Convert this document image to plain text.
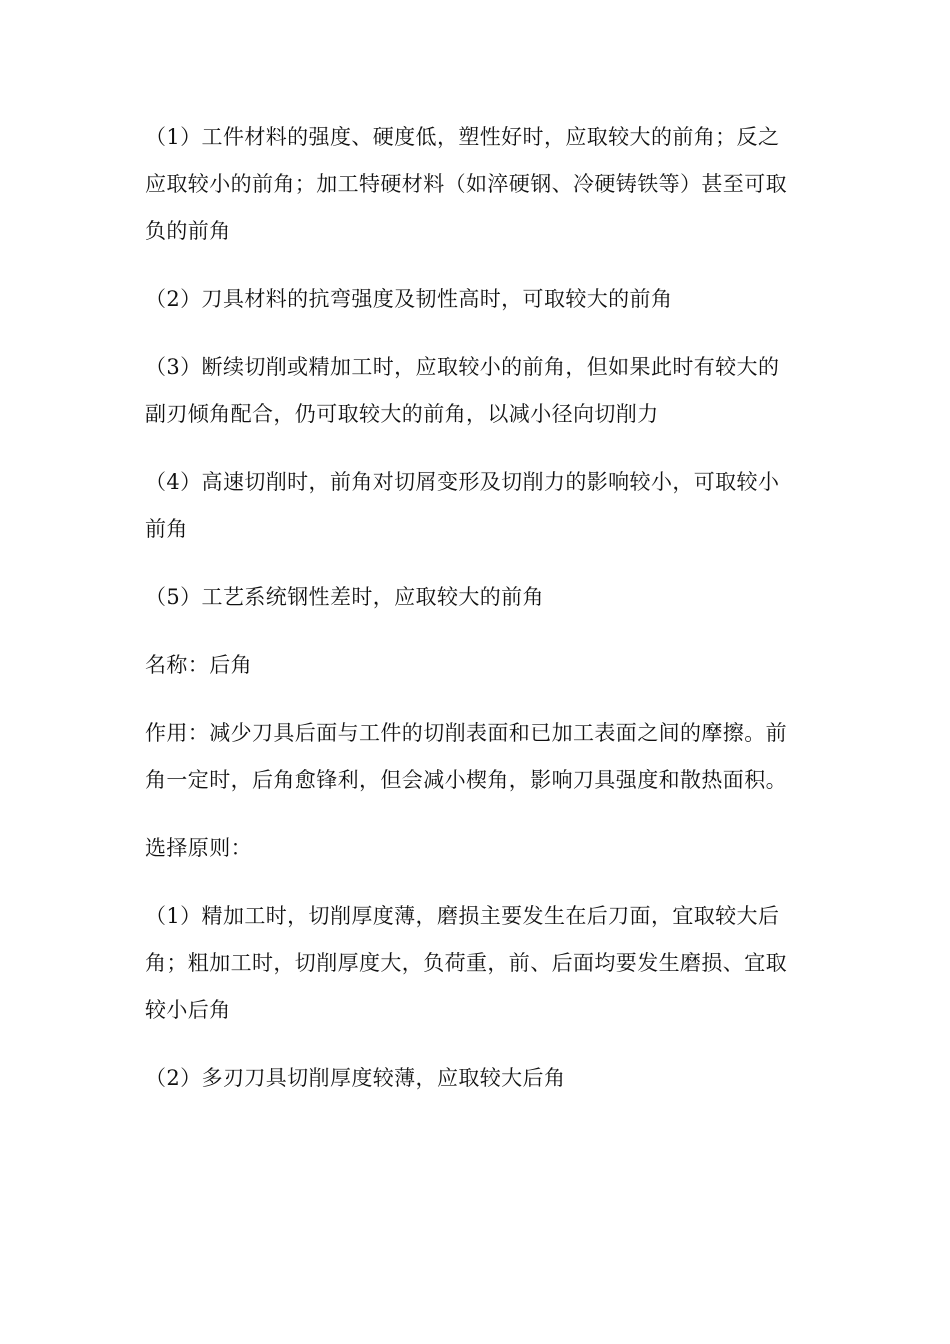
（1）工件材料的强度、硬度低，塑性好时，应取较大的前角；反之
应取较小的前角；加工特硬材料（如淬硬钢、冷硬铸铁等）甚至可取
负的前角

（2）刀具材料的抗弯强度及韧性高时，可取较大的前角

（3）断续切削或精加工时，应取较小的前角，但如果此时有较大的
副刃倾角配合，仍可取较大的前角，以减小径向切削力

（4）高速切削时，前角对切屑变形及切削力的影响较小，可取较小
前角

（5）工艺系统钢性差时，应取较大的前角

名称：后角

作用：减少刀具后面与工件的切削表面和已加工表面之间的摩擦。前
角一定时，后角愈锋利，但会减小楔角，影响刀具强度和散热面积。

选择原则：

（1）精加工时，切削厚度薄，磨损主要发生在后刀面，宜取较大后
角；粗加工时，切削厚度大，负荷重，前、后面均要发生磨损、宜取
较小后角

（2）多刃刀具切削厚度较薄，应取较大后角
